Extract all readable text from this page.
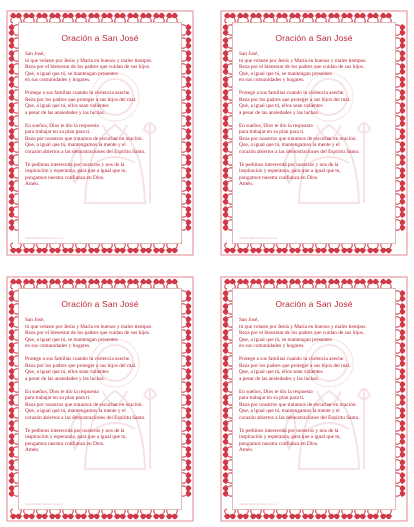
Oración a San José
San José,
tú que velaste por Jesús y María en buenos y males tiempos.
Reza por el bienestar de los padres que cuidan de sus hijos.
Que, a igual que tú, se mantengan presentes
en sus comunidades y hogares.
Protege a sus familias cuando la violencia aseche.
Reza por los padres que proteger a sus hijos del mal.
Que, a igual que tú, ellos sean valientes
a pesar de las ansiedades y las luchas.
En sueños, Dios te dio la respuesta
para trabajar en su plan para ti.
Reza por nosotros que tratamos de escuchar en oración.
Que, a igual que tú, mantengamos la mente y el
corazón abiertos a las demostraciones del Espíritu Santo.
Te pedimos intereceda por nosotros y nos de la
inspiración y esperanza, para que a igual que tu,
pongamos nuestra confianza en Dios.
Amén.
Catholic Relief Services | crs.org
Oración a San José
San José,
tú que velaste por Jesús y María en buenos y males tiempos.
Reza por el bienestar de los padres que cuidan de sus hijos.
Que, a igual que tú, se mantengan presentes
en sus comunidades y hogares.
Protege a sus familias cuando la violencia aseche.
Reza por los padres que proteger a sus hijos del mal.
Que, a igual que tú, ellos sean valientes
a pesar de las ansiedades y las luchas.
En sueños, Dios te dio la respuesta
para trabajar en su plan para ti.
Reza por nosotros que tratamos de escuchar en oración.
Que, a igual que tú, mantengamos la mente y el
corazón abiertos a las demostraciones del Espíritu Santo.
Te pedimos intereceda por nosotros y nos de la
inspiración y esperanza, para que a igual que tu,
pongamos nuestra confianza en Dios.
Amén.
Catholic Relief Services | crs.org
Oración a San José
San José,
tú que velaste por Jesús y María en buenos y males tiempos.
Reza por el bienestar de los padres que cuidan de sus hijos.
Que, a igual que tú, se mantengan presentes
en sus comunidades y hogares.
Protege a sus familias cuando la violencia aseche.
Reza por los padres que proteger a sus hijos del mal.
Que, a igual que tú, ellos sean valientes
a pesar de las ansiedades y las luchas.
En sueños, Dios te dio la respuesta
para trabajar en su plan para ti.
Reza por nosotros que tratamos de escuchar en oración.
Que, a igual que tú, mantengamos la mente y el
corazón abiertos a las demostraciones del Espíritu Santo.
Te pedimos intereceda por nosotros y nos de la
inspiración y esperanza, para que a igual que tu,
pongamos nuestra confianza en Dios.
Amén.
Catholic Relief Services | crs.org
Oración a San José
San José,
tú que velaste por Jesús y María en buenos y males tiempos.
Reza por el bienestar de los padres que cuidan de sus hijos.
Que, a igual que tú, se mantengan presentes
en sus comunidades y hogares.
Protege a sus familias cuando la violencia aseche.
Reza por los padres que proteger a sus hijos del mal.
Que, a igual que tú, ellos sean valientes
a pesar de las ansiedades y las luchas.
En sueños, Dios te dio la respuesta
para trabajar en su plan para ti.
Reza por nosotros que tratamos de escuchar en oración.
Que, a igual que tú, mantengamos la mente y el
corazón abiertos a las demostraciones del Espíritu Santo.
Te pedimos intereceda por nosotros y nos de la
inspiración y esperanza, para que a igual que tu,
pongamos nuestra confianza en Dios.
Amén.
Catholic Relief Services | crs.org
